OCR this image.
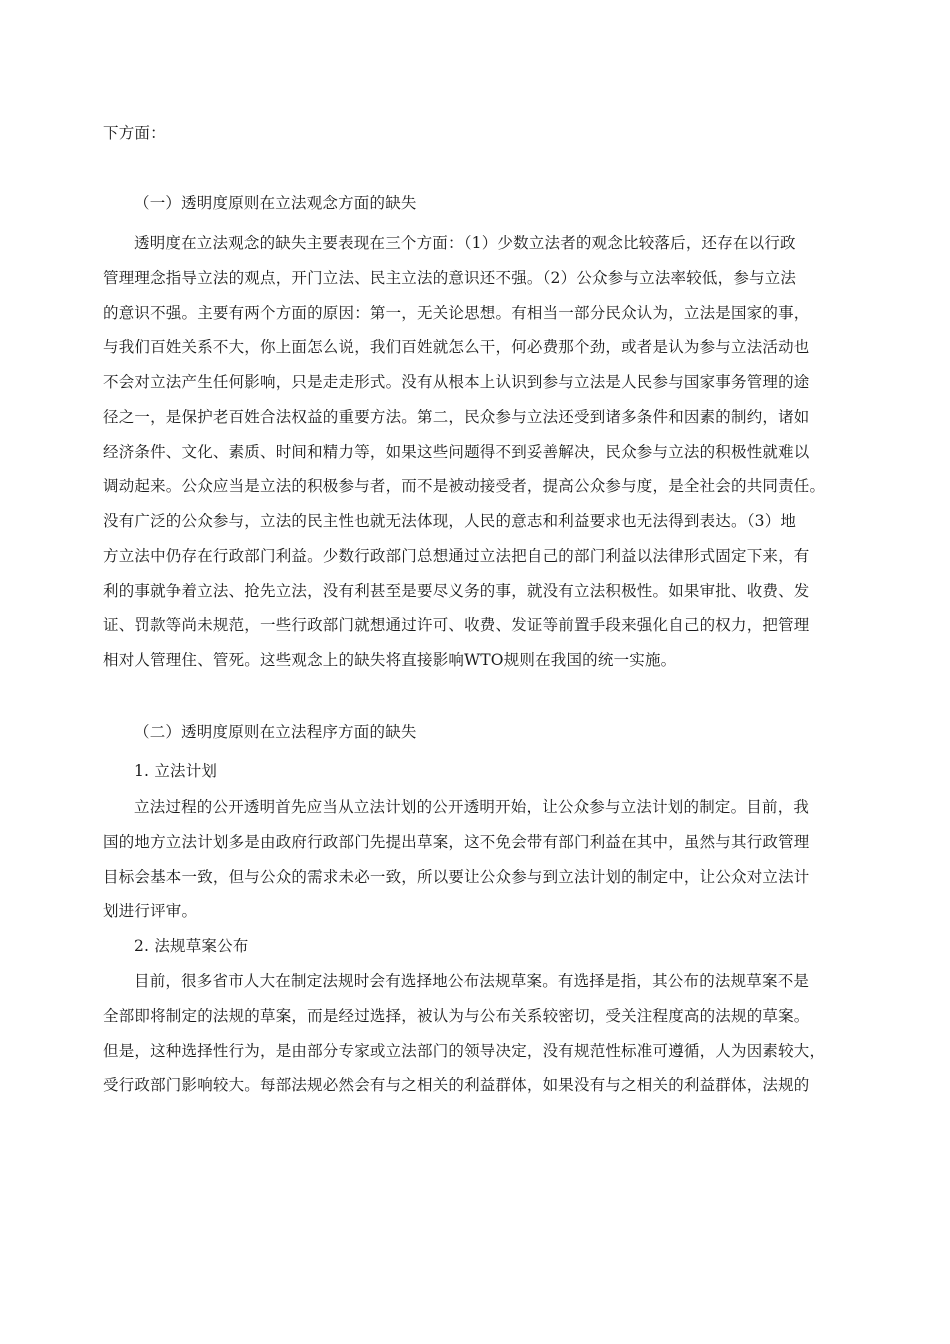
下方面：
（一）透明度原则在立法观念方面的缺失
透明度在立法观念的缺失主要表现在三个方面：（1）少数立法者的观念比较落后，还存在以行政
管理理念指导立法的观点，开门立法、民主立法的意识还不强。（2）公众参与立法率较低，参与立法
的意识不强。主要有两个方面的原因：第一，无关论思想。有相当一部分民众认为，立法是国家的事，
与我们百姓关系不大，你上面怎么说，我们百姓就怎么干，何必费那个劲，或者是认为参与立法活动也
不会对立法产生任何影响，只是走走形式。没有从根本上认识到参与立法是人民参与国家事务管理的途
径之一，是保护老百姓合法权益的重要方法。第二，民众参与立法还受到诸多条件和因素的制约，诸如
经济条件、文化、素质、时间和精力等，如果这些问题得不到妥善解决，民众参与立法的积极性就难以
调动起来。公众应当是立法的积极参与者，而不是被动接受者，提高公众参与度，是全社会的共同责任。
没有广泛的公众参与，立法的民主性也就无法体现，人民的意志和利益要求也无法得到表达。（3）地
方立法中仍存在行政部门利益。少数行政部门总想通过立法把自己的部门利益以法律形式固定下来，有
利的事就争着立法、抢先立法，没有利甚至是要尽义务的事，就没有立法积极性。如果审批、收费、发
证、罚款等尚未规范，一些行政部门就想通过许可、收费、发证等前置手段来强化自己的权力，把管理
相对人管理住、管死。这些观念上的缺失将直接影响WTO规则在我国的统一实施。
（二）透明度原则在立法程序方面的缺失
1. 立法计划
立法过程的公开透明首先应当从立法计划的公开透明开始，让公众参与立法计划的制定。目前，我
国的地方立法计划多是由政府行政部门先提出草案，这不免会带有部门利益在其中，虽然与其行政管理
目标会基本一致，但与公众的需求未必一致，所以要让公众参与到立法计划的制定中，让公众对立法计
划进行评审。
2. 法规草案公布
目前，很多省市人大在制定法规时会有选择地公布法规草案。有选择是指，其公布的法规草案不是
全部即将制定的法规的草案，而是经过选择，被认为与公布关系较密切，受关注程度高的法规的草案。
但是，这种选择性行为，是由部分专家或立法部门的领导决定，没有规范性标准可遵循，人为因素较大，
受行政部门影响较大。每部法规必然会有与之相关的利益群体，如果没有与之相关的利益群体，法规的
